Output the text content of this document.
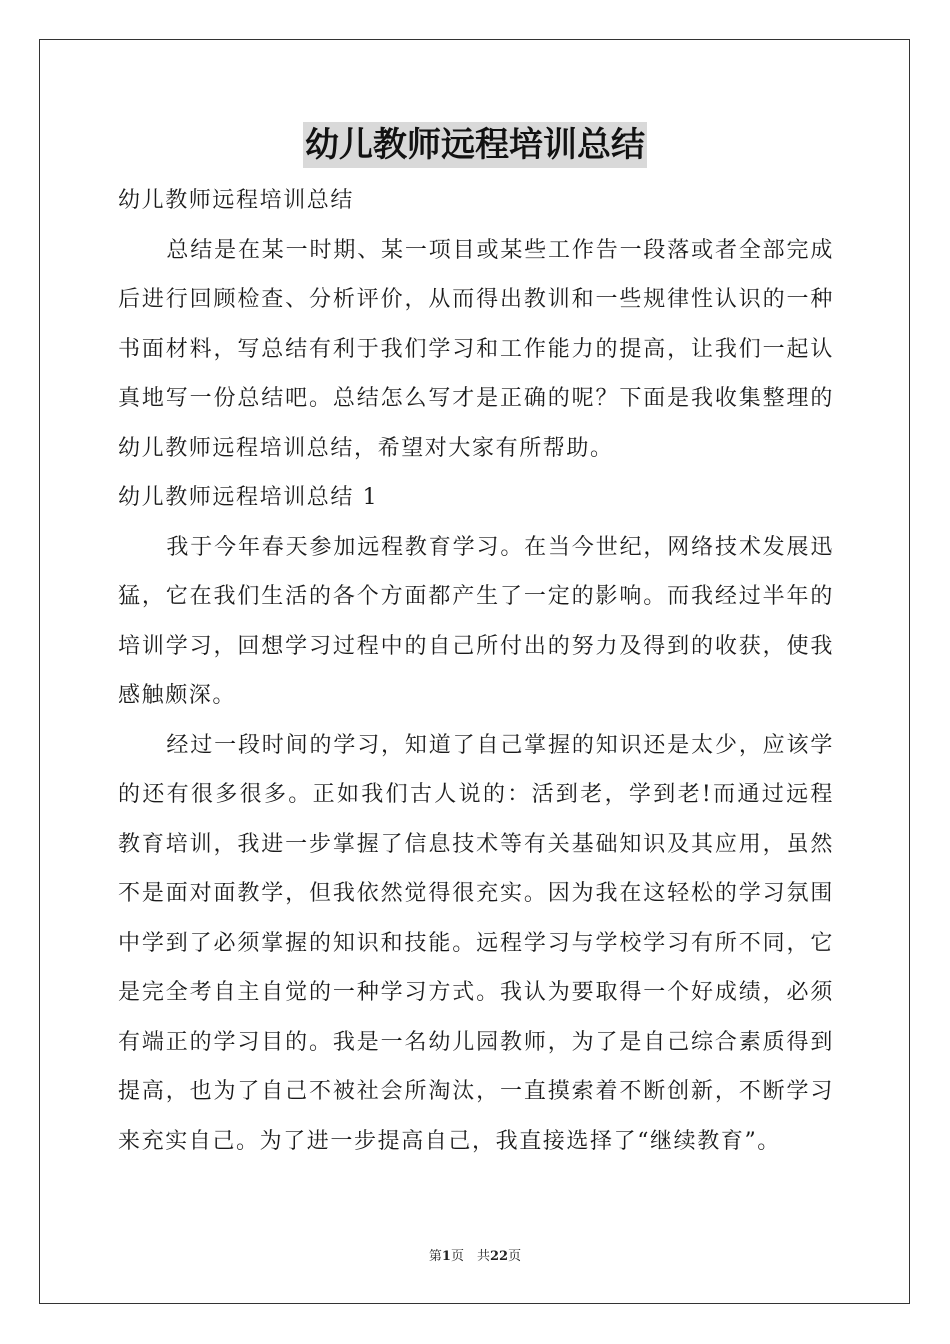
幼儿教师远程培训总结

幼儿教师远程培训总结

总结是在某一时期、某一项目或某些工作告一段落或者全部完成后进行回顾检查、分析评价，从而得出教训和一些规律性认识的一种书面材料，写总结有利于我们学习和工作能力的提高，让我们一起认真地写一份总结吧。总结怎么写才是正确的呢？下面是我收集整理的幼儿教师远程培训总结，希望对大家有所帮助。

幼儿教师远程培训总结 1

我于今年春天参加远程教育学习。在当今世纪，网络技术发展迅猛，它在我们生活的各个方面都产生了一定的影响。而我经过半年的培训学习，回想学习过程中的自己所付出的努力及得到的收获，使我感触颇深。

经过一段时间的学习，知道了自己掌握的知识还是太少，应该学的还有很多很多。正如我们古人说的：活到老，学到老!而通过远程教育培训，我进一步掌握了信息技术等有关基础知识及其应用，虽然不是面对面教学，但我依然觉得很充实。因为我在这轻松的学习氛围中学到了必须掌握的知识和技能。远程学习与学校学习有所不同，它是完全考自主自觉的一种学习方式。我认为要取得一个好成绩，必须有端正的学习目的。我是一名幼儿园教师，为了是自己综合素质得到提高，也为了自己不被社会所淘汰，一直摸索着不断创新，不断学习来充实自己。为了进一步提高自己，我直接选择了“继续教育”。

第1页　共22页
